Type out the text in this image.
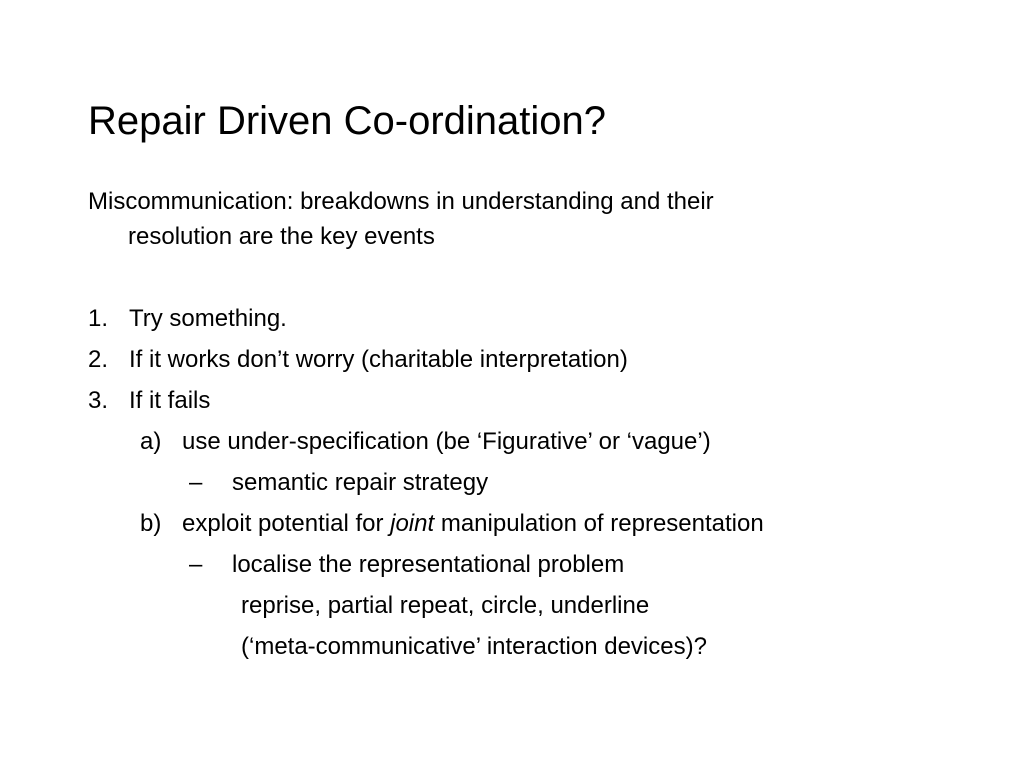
Repair Driven Co-ordination?
Miscommunication: breakdowns in understanding and their
resolution are the key events
1. Try something.
2. If it works don’t worry (charitable interpretation)
3. If it fails
a) use under-specification (be ‘Figurative’ or ‘vague’)
– semantic repair strategy
b) exploit potential for joint manipulation of representation
– localise the representational problem
reprise, partial repeat, circle, underline
(‘meta-communicative’ interaction devices)?
